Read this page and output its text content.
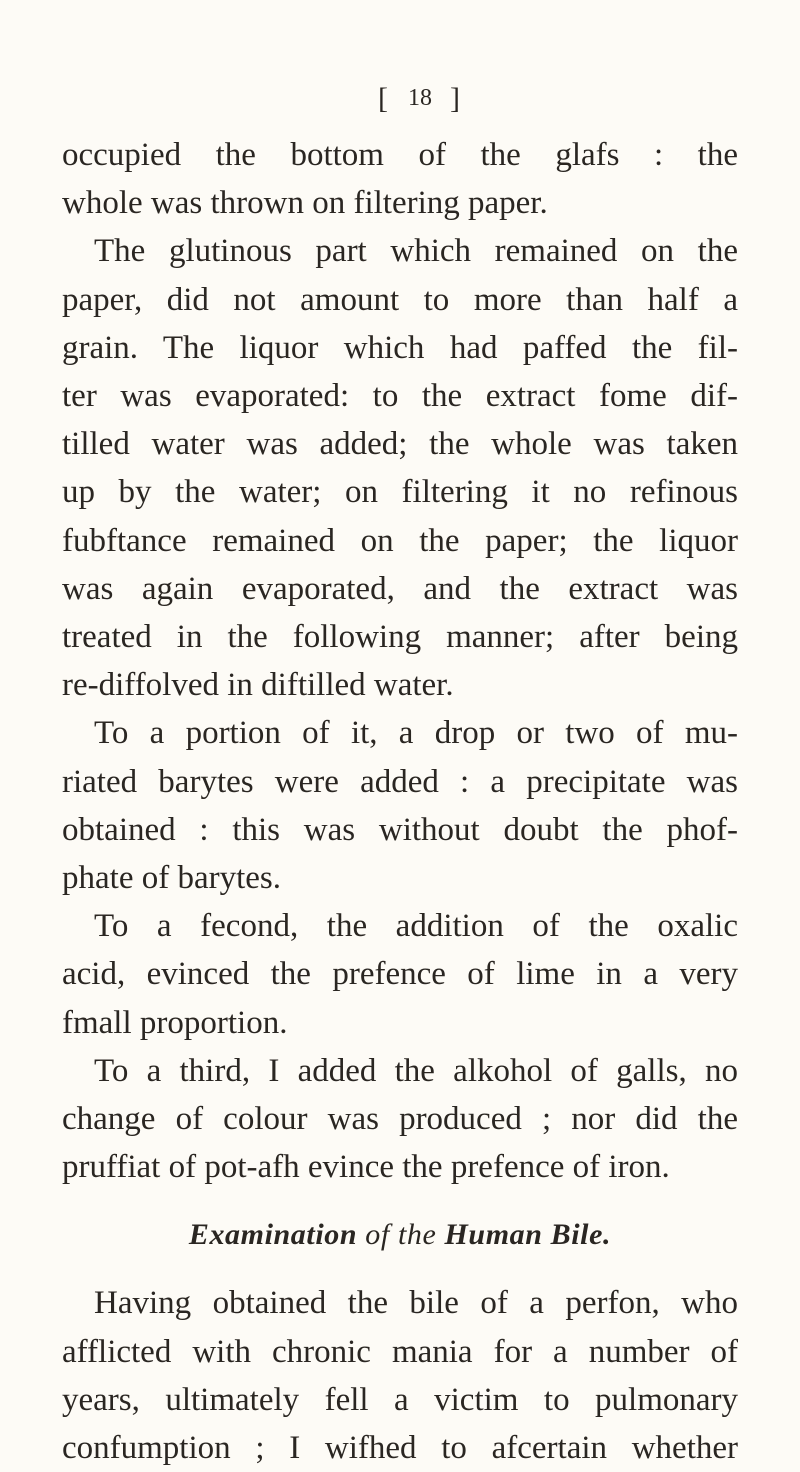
[ 18 ]
occupied the bottom of the glafs : the
whole was thrown on filtering paper.
The glutinous part which remained on the
paper, did not amount to more than half a
grain. The liquor which had paffed the fil-
ter was evaporated: to the extract fome dif-
tilled water was added; the whole was taken
up by the water; on filtering it no refinous
fubftance remained on the paper; the liquor
was again evaporated, and the extract was
treated in the following manner; after being
re-diffolved in diftilled water.
To a portion of it, a drop or two of mu-
riated barytes were added : a precipitate was
obtained : this was without doubt the phof-
phate of barytes.
To a fecond, the addition of the oxalic
acid, evinced the prefence of lime in a very
fmall proportion.
To a third, I added the alkohol of galls, no
change of colour was produced ; nor did the
pruffiat of pot-afh evince the prefence of iron.
Examination of the Human Bile.
Having obtained the bile of a perfon, who
afflicted with chronic mania for a number of
years, ultimately fell a victim to pulmonary
confumption ; I wifhed to afcertain whether
